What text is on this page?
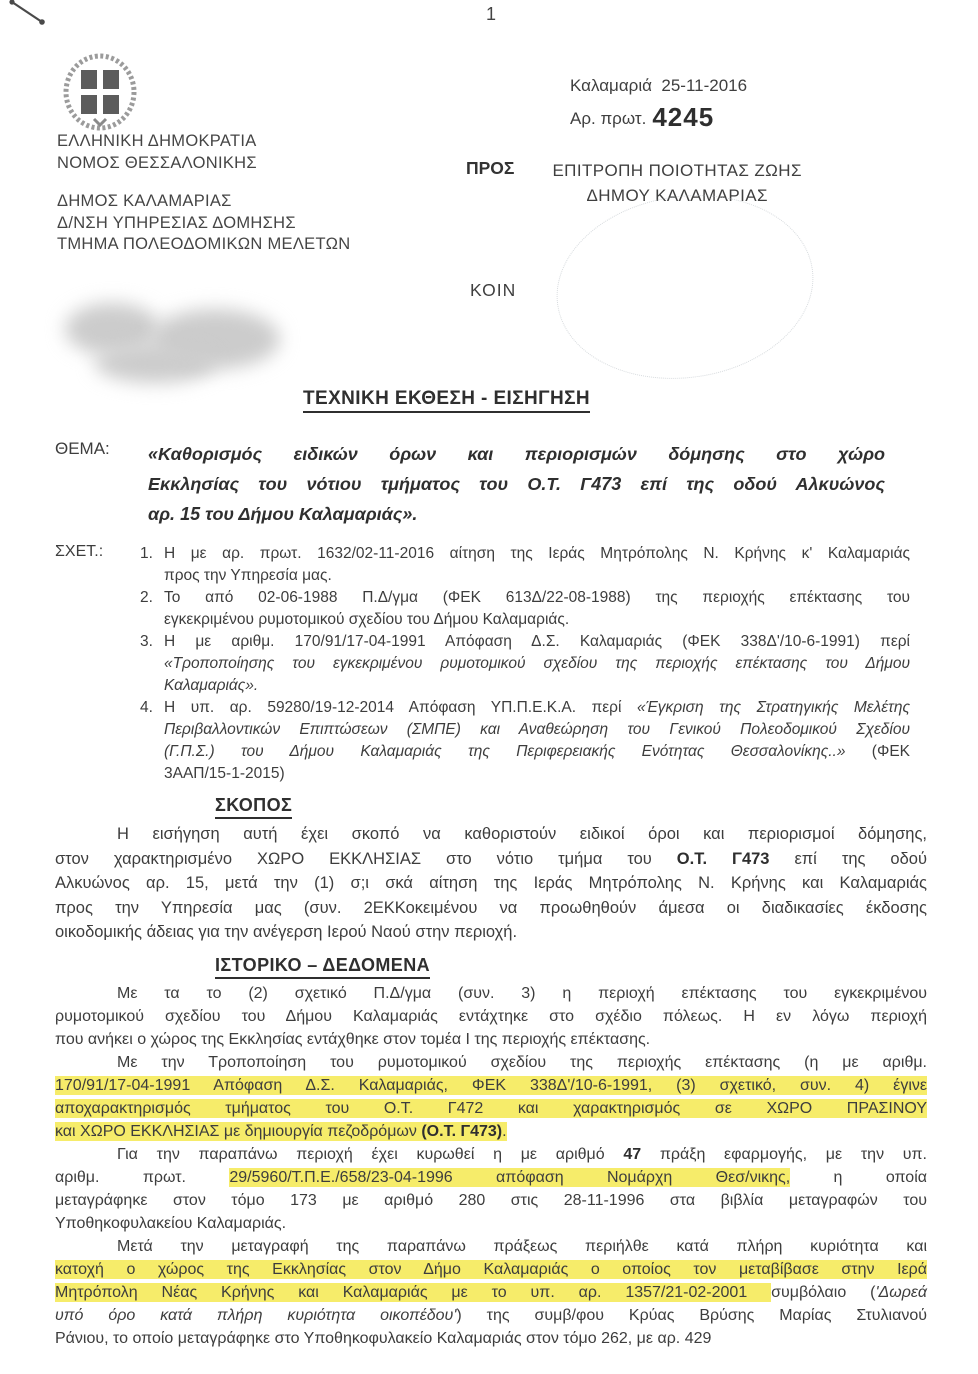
1
ΕΛΛΗΝΙΚΗ ΔΗΜΟΚΡΑΤΙΑ
ΝΟΜΟΣ ΘΕΣΣΑΛΟΝΙΚΗΣ
ΔΗΜΟΣ ΚΑΛΑΜΑΡΙΑΣ
Δ/ΝΣΗ ΥΠΗΡΕΣΙΑΣ ΔΟΜΗΣΗΣ
ΤΜΗΜΑ ΠΟΛΕΟΔΟΜΙΚΩΝ ΜΕΛΕΤΩΝ
Καλαμαριά  25-11-2016
Αρ. πρωτ. 4245
ΠΡΟΣ ΕΠΙΤΡΟΠΗ ΠΟΙΟΤΗΤΑΣ ΖΩΗΣ
ΔΗΜΟΥ ΚΑΛΑΜΑΡΙΑΣ
ΚΟΙΝ
ΤΕΧΝΙΚΗ ΕΚΘΕΣΗ - ΕΙΣΗΓΗΣΗ
ΘΕΜΑ:	«Καθορισμός ειδικών όρων και περιορισμών δόμησης στο χώρο
Εκκλησίας του νότιου τμήματος του Ο.Τ. Γ473 επί της οδού Αλκυώνος
αρ. 15 του Δήμου Καλαμαριάς».
ΣΧΕΤ.:	1. Η με αρ. πρωτ. 1632/02-11-2016 αίτηση της Ιεράς Μητρόπολης Ν. Κρήνης κ' Καλαμαριάς
προς την Υπηρεσία μας.
2. Το από 02-06-1988 Π.Δ/γμα (ΦΕΚ 613Δ/22-08-1988) της περιοχής επέκτασης του
εγκεκριμένου ρυμοτομικού σχεδίου του Δήμου Καλαμαριάς.
3. Η με αριθμ. 170/91/17-04-1991 Απόφαση Δ.Σ. Καλαμαριάς (ΦΕΚ 338Δ'/10-6-1991) περί
«Τροποποίησης του εγκεκριμένου ρυμοτομικού σχεδίου της περιοχής επέκτασης του Δήμου
Καλαμαριάς».
4. Η υπ. αρ. 59280/19-12-2014 Απόφαση ΥΠ.Π.Ε.Κ.Α. περί «Έγκριση της Στρατηγικής Μελέτης
Περιβαλλοντικών Επιπτώσεων (ΣΜΠΕ) και Αναθεώρηση του Γενικού Πολεοδομικού Σχεδίου
(Γ.Π.Σ.) του Δήμου Καλαμαριάς της Περιφερειακής Ενότητας Θεσσαλονίκης..» (ΦΕΚ
3ΑΑΠ/15-1-2015)
ΣΚΟΠΟΣ
Η εισήγηση αυτή έχει σκοπό να καθοριστούν ειδικοί όροι και περιορισμοί δόμησης,
στον χαρακτηρισμένο ΧΩΡΟ ΕΚΚΛΗΣΙΑΣ στο νότιο τμήμα του Ο.Τ. Γ473 επί της οδού
Αλκυώνος αρ. 15, μετά την (1) σ;ι σκά αίτηση της Ιεράς Μητρόπολης Ν. Κρήνης και Καλαμαριάς
προς την Υπηρεσία μας (συν. 2ΕΚΚοκειμένου να προωθηθούν άμεσα οι διαδικασίες έκδοσης
οικοδομικής άδειας για την ανέγερση Ιερού Ναού στην περιοχή.
ΙΣΤΟΡΙΚΟ – ΔΕΔΟΜΕΝΑ
Με τα το (2) σχετικό Π.Δ/γμα (συν. 3) η περιοχή επέκτασης του εγκεκριμένου
ρυμοτομικού σχεδίου του Δήμου Καλαμαριάς εντάχτηκε στο σχέδιο πόλεως. Η εν λόγω περιοχή
που ανήκει ο χώρος της Εκκλησίας εντάχθηκε στον τομέα Ι της περιοχής επέκτασης.
Με την Τροποποίηση του ρυμοτομικού σχεδίου της περιοχής επέκτασης (η με αριθμ.
170/91/17-04-1991 Απόφαση Δ.Σ. Καλαμαριάς, ΦΕΚ 338Δ'/10-6-1991, (3) σχετικό, συν. 4) έγινε
αποχαρακτηρισμός τμήματος του Ο.Τ. Γ472 και χαρακτηρισμός σε ΧΩΡΟ ΠΡΑΣΙΝΟΥ
και ΧΩΡΟ ΕΚΚΛΗΣΙΑΣ με δημιουργία πεζοδρόμων (Ο.Τ. Γ473).
Για την παραπάνω περιοχή έχει κυρωθεί η με αριθμό 47 πράξη εφαρμογής, με την υπ.
αριθμ. πρωτ. 29/5960/Τ.Π.Ε./658/23-04-1996 απόφαση Νομάρχη Θεσ/νικης, η οποία
μεταγράφηκε στον τόμο 173 με αριθμό 280 στις 28-11-1996 στα βιβλία μεταγραφών του
Υποθηκοφυλακείου Καλαμαριάς.
Μετά την μεταγραφή της παραπάνω πράξεως περιήλθε κατά πλήρη κυριότητα και
κατοχή ο χώρος της Εκκλησίας στον Δήμο Καλαμαριάς ο οποίος τον μεταβίβασε στην Ιερά
Μητρόπολη Νέας Κρήνης και Καλαμαριάς με το υπ. αρ. 1357/21-02-2001 συμβόλαιο ('Δωρεά
υπό όρο κατά πλήρη κυριότητα οικοπέδου') της συμβ/φου Κρύας Βρύσης Μαρίας Στυλιανού
Ράνιου, το οποίο μεταγράφηκε στο Υποθηκοφυλακείο Καλαμαριάς στον τόμο 262, με αρ. 429
